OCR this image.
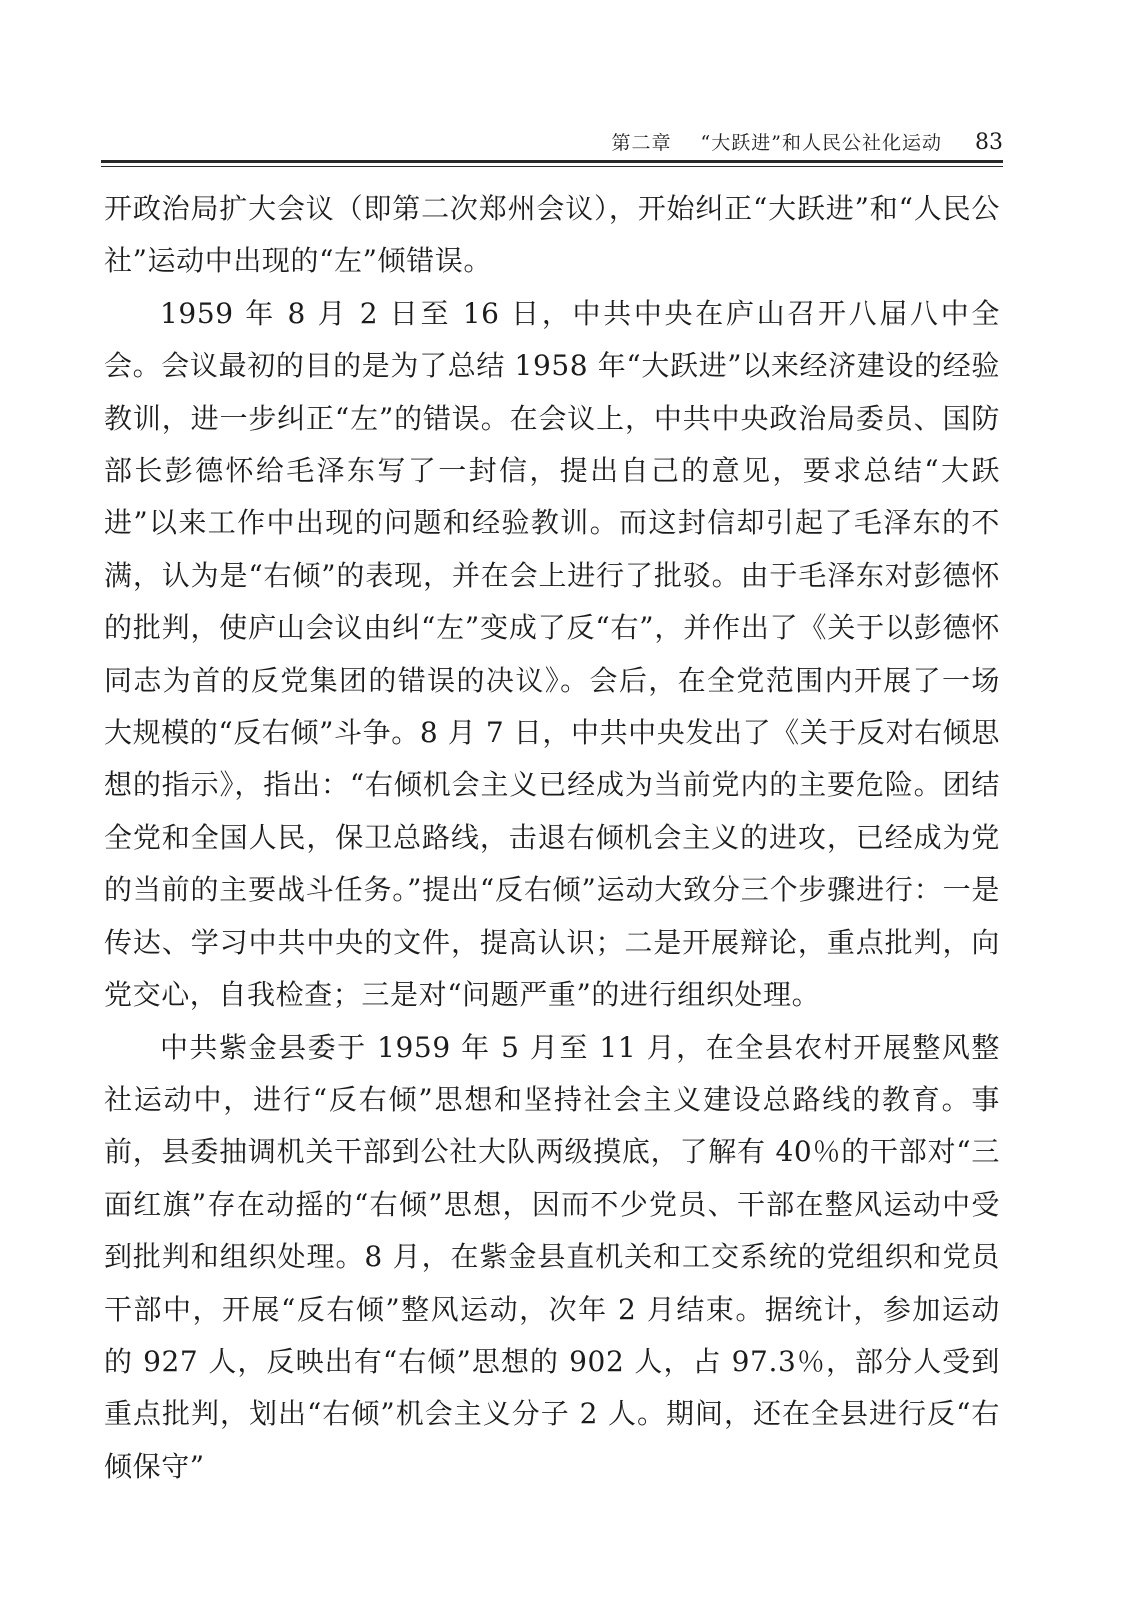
第二章 “大跃进”和人民公社化运动 83

开政治局扩大会议（即第二次郑州会议），开始纠正“大跃进”和“人民公社”运动中出现的“左”倾错误。

1959 年 8 月 2 日至 16 日，中共中央在庐山召开八届八中全会。会议最初的目的是为了总结 1958 年“大跃进”以来经济建设的经验教训，进一步纠正“左”的错误。在会议上，中共中央政治局委员、国防部长彭德怀给毛泽东写了一封信，提出自己的意见，要求总结“大跃进”以来工作中出现的问题和经验教训。而这封信却引起了毛泽东的不满，认为是“右倾”的表现，并在会上进行了批驳。由于毛泽东对彭德怀的批判，使庐山会议由纠“左”变成了反“右”，并作出了《关于以彭德怀同志为首的反党集团的错误的决议》。会后，在全党范围内开展了一场大规模的“反右倾”斗争。8 月 7 日，中共中央发出了《关于反对右倾思想的指示》，指出：“右倾机会主义已经成为当前党内的主要危险。团结全党和全国人民，保卫总路线，击退右倾机会主义的进攻，已经成为党的当前的主要战斗任务。”提出“反右倾”运动大致分三个步骤进行：一是传达、学习中共中央的文件，提高认识；二是开展辩论，重点批判，向党交心，自我检查；三是对“问题严重”的进行组织处理。

中共紫金县委于 1959 年 5 月至 11 月，在全县农村开展整风整社运动中，进行“反右倾”思想和坚持社会主义建设总路线的教育。事前，县委抽调机关干部到公社大队两级摸底，了解有 40％的干部对“三面红旗”存在动摇的“右倾”思想，因而不少党员、干部在整风运动中受到批判和组织处理。8 月，在紫金县直机关和工交系统的党组织和党员干部中，开展“反右倾”整风运动，次年 2 月结束。据统计，参加运动的 927 人，反映出有“右倾”思想的 902 人，占 97.3％，部分人受到重点批判，划出“右倾”机会主义分子 2 人。期间，还在全县进行反“右倾保守”
